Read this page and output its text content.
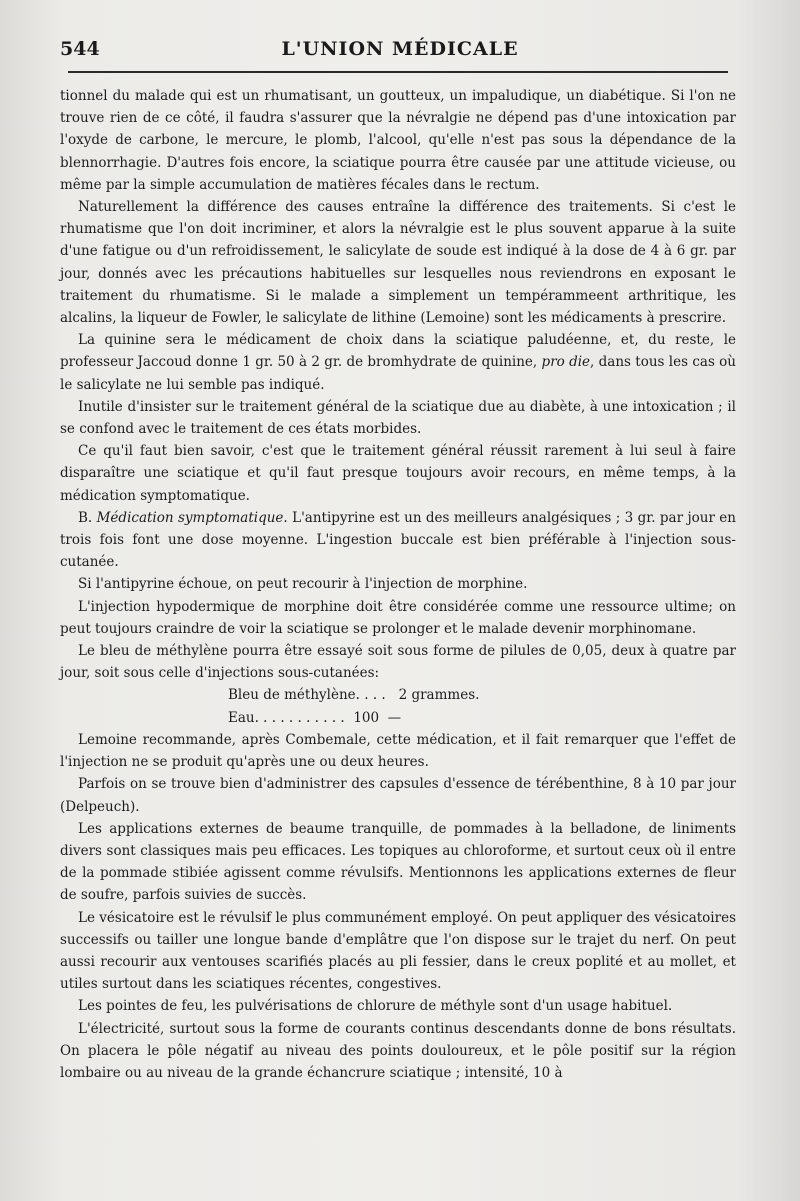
544	L'UNION MÉDICALE

tionnel du malade qui est un rhumatisant, un goutteux, un impaludique, un diabétique. Si l'on ne trouve rien de ce côté, il faudra s'assurer que la névralgie ne dépend pas d'une intoxication par l'oxyde de carbone, le mercure, le plomb, l'alcool, qu'elle n'est pas sous la dépendance de la blennorrhagie. D'autres fois encore, la sciatique pourra être causée par une attitude vicieuse, ou même par la simple accumulation de matières fécales dans le rectum.

Naturellement la différence des causes entraîne la différence des traitements. Si c'est le rhumatisme que l'on doit incriminer, et alors la névralgie est le plus souvent apparue à la suite d'une fatigue ou d'un refroidissement, le salicylate de soude est indiqué à la dose de 4 à 6 gr. par jour, donnés avec les précautions habituelles sur lesquelles nous reviendrons en exposant le traitement du rhumatisme. Si le malade a simplement un tempérammeent arthritique, les alcalins, la liqueur de Fowler, le salicylate de lithine (Lemoine) sont les médicaments à prescrire.

La quinine sera le médicament de choix dans la sciatique paludéenne, et, du reste, le professeur Jaccoud donne 1 gr. 50 à 2 gr. de bromhydrate de quinine, pro die, dans tous les cas où le salicylate ne lui semble pas indiqué.

Inutile d'insister sur le traitement général de la sciatique due au diabète, à une intoxication ; il se confond avec le traitement de ces états morbides.

Ce qu'il faut bien savoir, c'est que le traitement général réussit rarement à lui seul à faire disparaître une sciatique et qu'il faut presque toujours avoir recours, en même temps, à la médication symptomatique.

B. Médication symptomatique. L'antipyrine est un des meilleurs analgésiques ; 3 gr. par jour en trois fois font une dose moyenne. L'ingestion buccale est bien préférable à l'injection sous-cutanée.

Si l'antipyrine échoue, on peut recourir à l'injection de morphine.

L'injection hypodermique de morphine doit être considérée comme une ressource ultime; on peut toujours craindre de voir la sciatique se prolonger et le malade devenir morphinomane.

Le bleu de méthylène pourra être essayé soit sous forme de pilules de 0,05, deux à quatre par jour, soit sous celle d'injections sous-cutanées:

Bleu de méthylène. . . . 2 grammes.
Eau. . . . . . . . . . . 100  —

Lemoine recommande, après Combemale, cette médication, et il fait remarquer que l'effet de l'injection ne se produit qu'après une ou deux heures.

Parfois on se trouve bien d'administrer des capsules d'essence de térébenthine, 8 à 10 par jour (Delpeuch).

Les applications externes de beaume tranquille, de pommades à la belladone, de liniments divers sont classiques mais peu efficaces. Les topiques au chloroforme, et surtout ceux où il entre de la pommade stibiée agissent comme révulsifs. Mentionnons les applications externes de fleur de soufre, parfois suivies de succès.

Le vésicatoire est le révulsif le plus communément employé. On peut appliquer des vésicatoires successifs ou tailler une longue bande d'emplâtre que l'on dispose sur le trajet du nerf. On peut aussi recourir aux ventouses scarifiés placés au pli fessier, dans le creux poplité et au mollet, et utiles surtout dans les sciatiques récentes, congestives.

Les pointes de feu, les pulvérisations de chlorure de méthyle sont d'un usage habituel.

L'électricité, surtout sous la forme de courants continus descendants donne de bons résultats. On placera le pôle négatif au niveau des points douloureux, et le pôle positif sur la région lombaire ou au niveau de la grande échancrure sciatique ; intensité, 10 à
